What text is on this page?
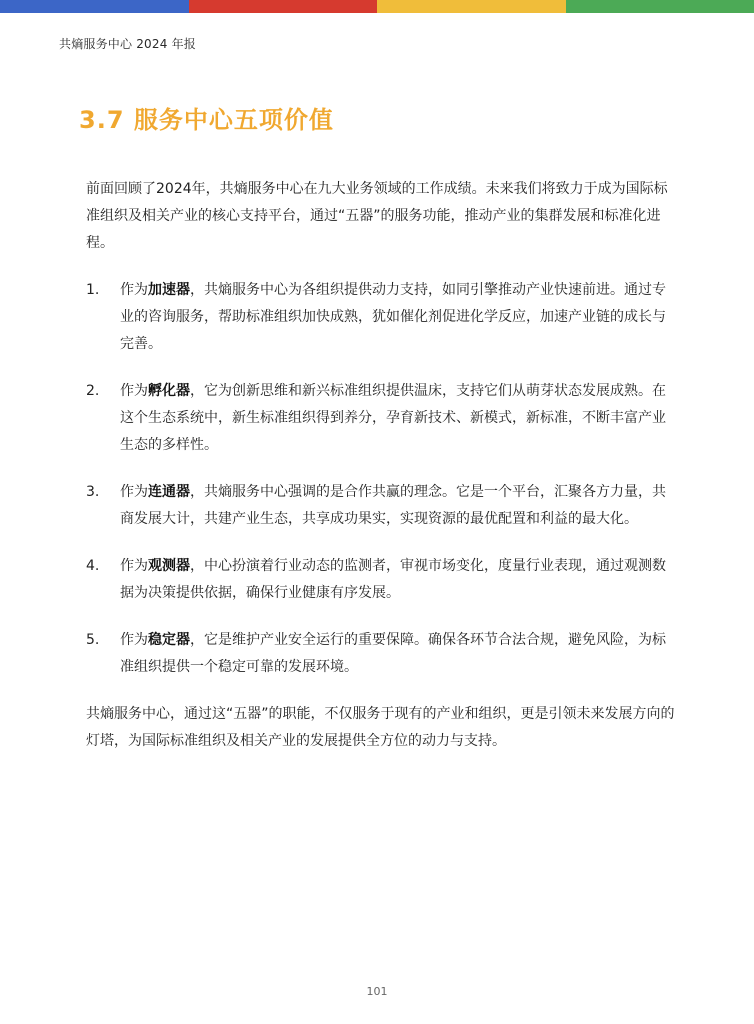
共熵服务中心 2024 年报
3.7 服务中心五项价值

前面回顾了2024年，共熵服务中心在九大业务领域的工作成绩。未来我们将致力于成为国际标准组织及相关产业的核心支持平台，通过“五器”的服务功能，推动产业的集群发展和标准化进程。

1.	作为加速器，共熵服务中心为各组织提供动力支持，如同引擎推动产业快速前进。通过专业的咨询服务，帮助标准组织加快成熟，犹如催化剂促进化学反应，加速产业链的成长与完善。
2.	作为孵化器，它为创新思维和新兴标准组织提供温床，支持它们从萌芽状态发展成熟。在这个生态系统中，新生标准组织得到养分，孕育新技术、新模式，新标准，不断丰富产业生态的多样性。
3.	作为连通器，共熵服务中心强调的是合作共赢的理念。它是一个平台，汇聚各方力量，共商发展大计，共建产业生态，共享成功果实，实现资源的最优配置和利益的最大化。
4.	作为观测器，中心扮演着行业动态的监测者，审视市场变化，度量行业表现，通过观测数据为决策提供依据，确保行业健康有序发展。
5.	作为稳定器，它是维护产业安全运行的重要保障。确保各环节合法合规，避免风险，为标准组织提供一个稳定可靠的发展环境。

共熵服务中心，通过这“五器”的职能，不仅服务于现有的产业和组织，更是引领未来发展方向的灯塔，为国际标准组织及相关产业的发展提供全方位的动力与支持。

101
